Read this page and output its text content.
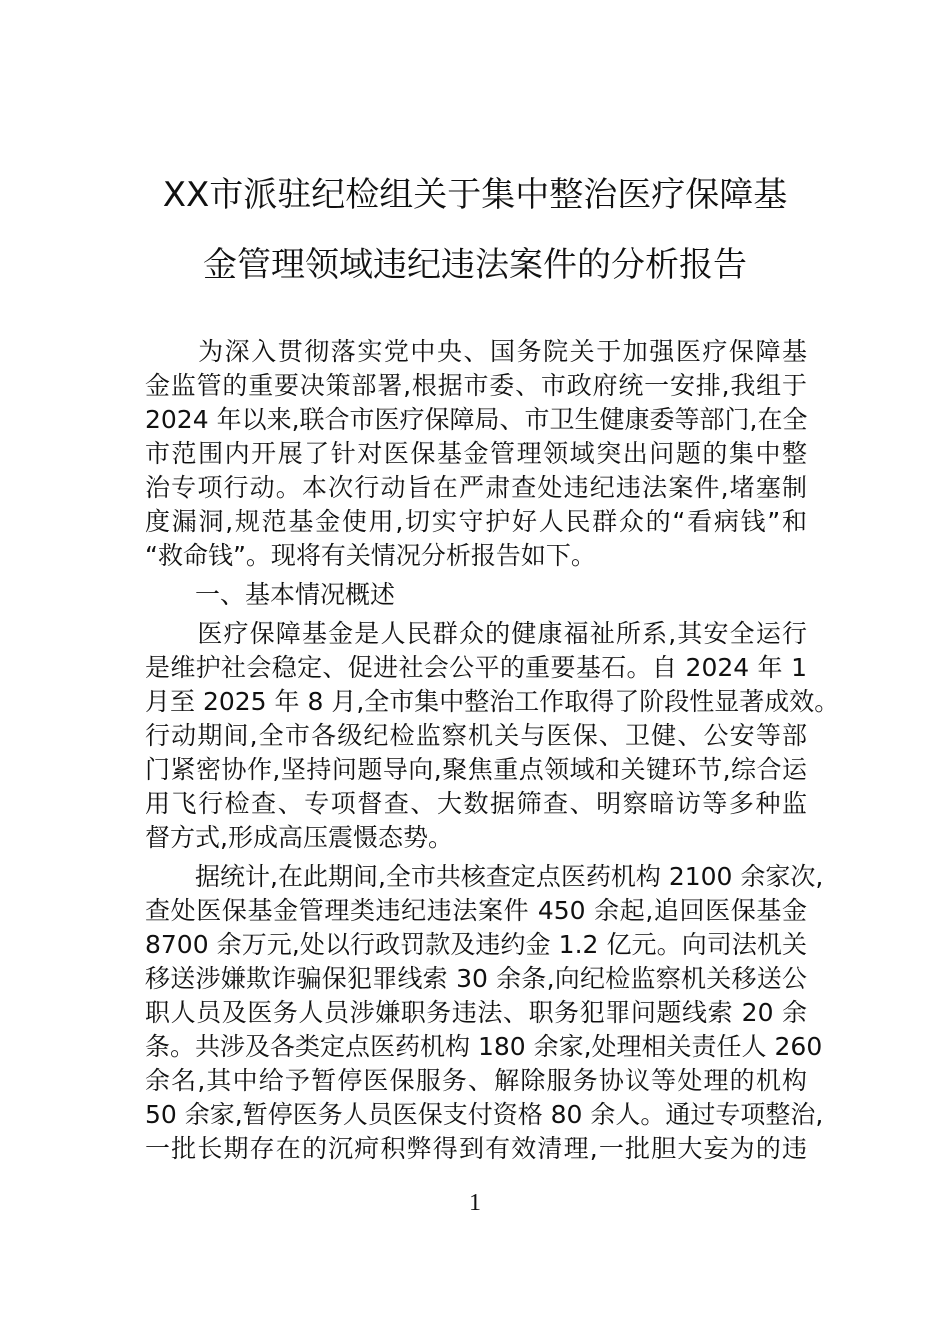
XX市派驻纪检组关于集中整治医疗保障基
金管理领域违纪违法案件的分析报告
　　为深入贯彻落实党中央、国务院关于加强医疗保障基
金监管的重要决策部署,根据市委、市政府统一安排,我组于
2024 年以来,联合市医疗保障局、市卫生健康委等部门,在全
市范围内开展了针对医保基金管理领域突出问题的集中整
治专项行动。本次行动旨在严肃查处违纪违法案件,堵塞制
度漏洞,规范基金使用,切实守护好人民群众的“看病钱”和
“救命钱”。现将有关情况分析报告如下。
　　一、基本情况概述
　　医疗保障基金是人民群众的健康福祉所系,其安全运行
是维护社会稳定、促进社会公平的重要基石。自 2024 年 1
月至 2025 年 8 月,全市集中整治工作取得了阶段性显著成效。
行动期间,全市各级纪检监察机关与医保、卫健、公安等部
门紧密协作,坚持问题导向,聚焦重点领域和关键环节,综合运
用飞行检查、专项督查、大数据筛查、明察暗访等多种监
督方式,形成高压震慑态势。
　　据统计,在此期间,全市共核查定点医药机构 2100 余家次,
查处医保基金管理类违纪违法案件 450 余起,追回医保基金
8700 余万元,处以行政罚款及违约金 1.2 亿元。向司法机关
移送涉嫌欺诈骗保犯罪线索 30 余条,向纪检监察机关移送公
职人员及医务人员涉嫌职务违法、职务犯罪问题线索 20 余
条。共涉及各类定点医药机构 180 余家,处理相关责任人 260
余名,其中给予暂停医保服务、解除服务协议等处理的机构
50 余家,暂停医务人员医保支付资格 80 余人。通过专项整治,
一批长期存在的沉疴积弊得到有效清理,一批胆大妄为的违
1
